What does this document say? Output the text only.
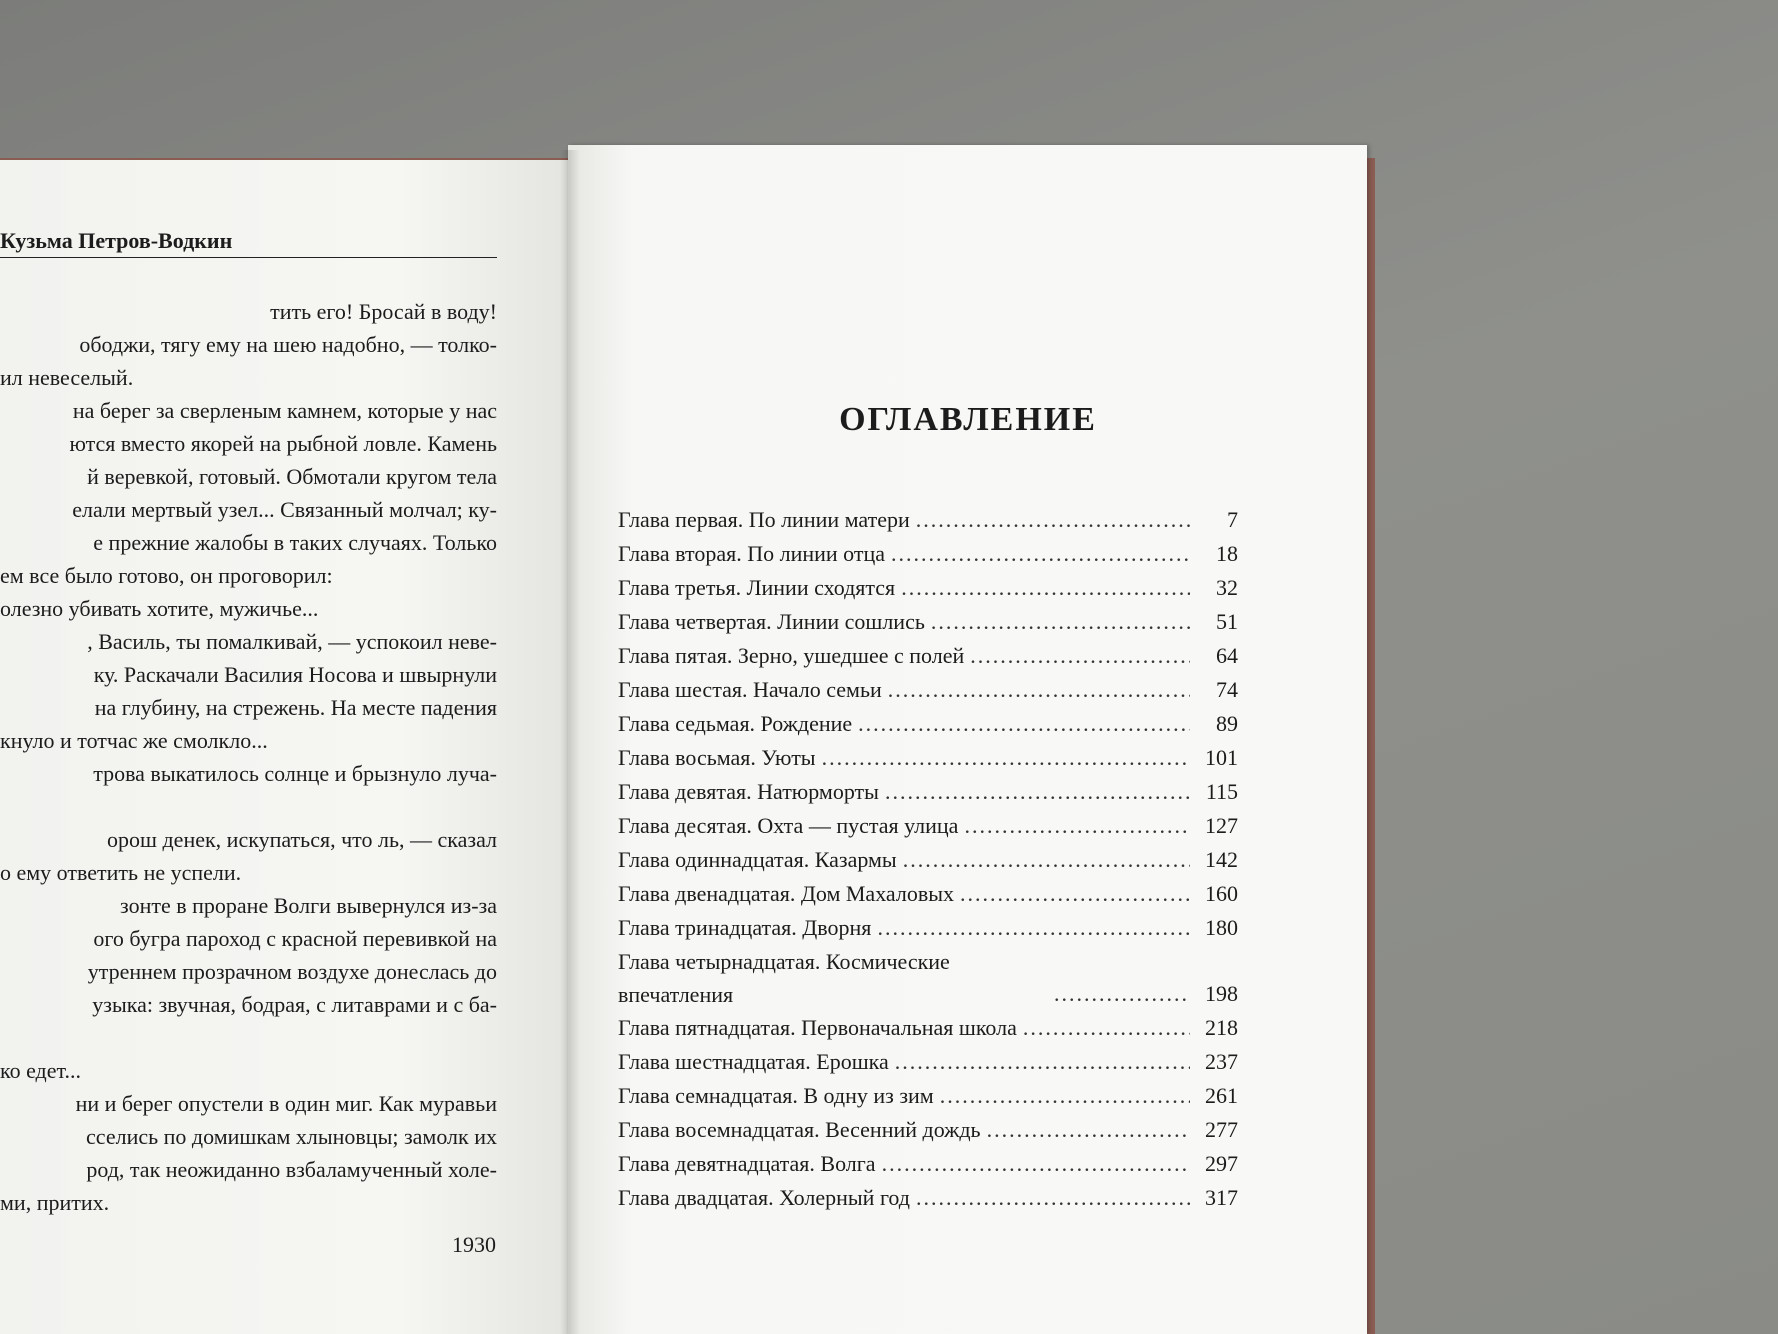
Кузьма Петров-Водкин
тить его! Бросай в воду!
ободжи, тягу ему на шею надобно, — толко-
ил невеселый.
на берег за сверленым камнем, которые у нас
ются вместо якорей на рыбной ловле. Камень
й веревкой, готовый. Обмотали кругом тела
елали мертвый узел... Связанный молчал; ку-
е прежние жалобы в таких случаях. Только
ем все было готово, он проговорил:
олезно убивать хотите, мужичье...
, Василь, ты помалкивай, — успокоил неве-
ку. Раскачали Василия Носова и швырнули
на глубину, на стрежень. На месте падения
кнуло и тотчас же смолкло...
трова выкатилось солнце и брызнуло луча-
орош денек, искупаться, что ль, — сказал
о ему ответить не успели.
зонте в проране Волги вывернулся из-за
ого бугра пароход с красной перевивкой на
утреннем прозрачном воздухе донеслась до
узыка: звучная, бодрая, с литаврами и с ба-
ко едет...
ни и берег опустели в один миг. Как муравьи
сселись по домишкам хлыновцы; замолк их
род, так неожиданно взбаламученный холе-
ми, притих.
1930
ОГЛАВЛЕНИЕ
Глава первая. По линии матери .....	7
Глава вторая. По линии отца .....	18
Глава третья. Линии сходятся .....	32
Глава четвертая. Линии сошлись .....	51
Глава пятая. Зерно, ушедшее с полей .....	64
Глава шестая. Начало семьи .....	74
Глава седьмая. Рождение .....	89
Глава восьмая. Уюты .....	101
Глава девятая. Натюрморты .....	115
Глава десятая. Охта — пустая улица .....	127
Глава одиннадцатая. Казармы .....	142
Глава двенадцатая. Дом Махаловых .....	160
Глава тринадцатая. Дворня .....	180
Глава четырнадцатая. Космические впечатления .....	198
Глава пятнадцатая. Первоначальная школа .....	218
Глава шестнадцатая. Ерошка .....	237
Глава семнадцатая. В одну из зим .....	261
Глава восемнадцатая. Весенний дождь .....	277
Глава девятнадцатая. Волга .....	297
Глава двадцатая. Холерный год .....	317
